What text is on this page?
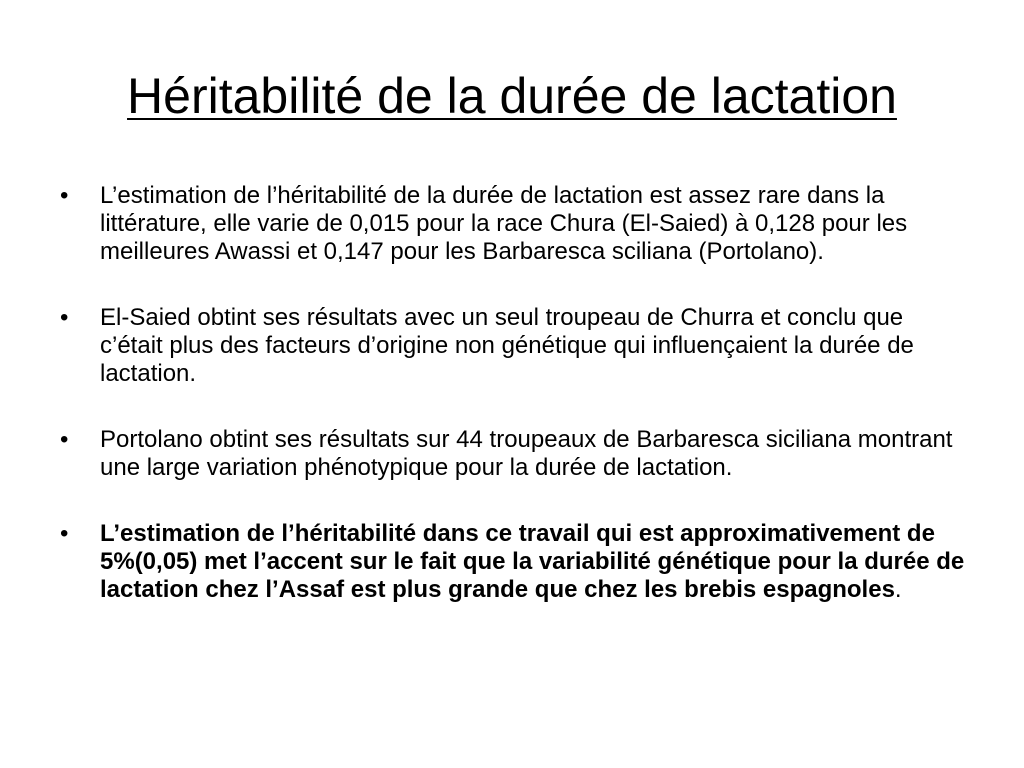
Héritabilité de la durée de lactation
• L’estimation de l’héritabilité de la durée de lactation est assez rare dans la littérature, elle varie de 0,015 pour la race Chura (El-Saied) à 0,128 pour les meilleures Awassi et 0,147 pour les Barbaresca sciliana (Portolano).
• El-Saied obtint ses résultats avec un seul troupeau de Churra et conclu que c’était plus des facteurs d’origine non génétique qui influençaient la durée de lactation.
• Portolano obtint ses résultats sur 44 troupeaux de Barbaresca siciliana montrant une large variation phénotypique pour la durée de lactation.
• L’estimation de l’héritabilité dans ce travail qui est approximativement de 5%(0,05) met l’accent sur le fait que la variabilité génétique pour la durée de lactation chez l’Assaf est plus grande que chez les brebis espagnoles.
